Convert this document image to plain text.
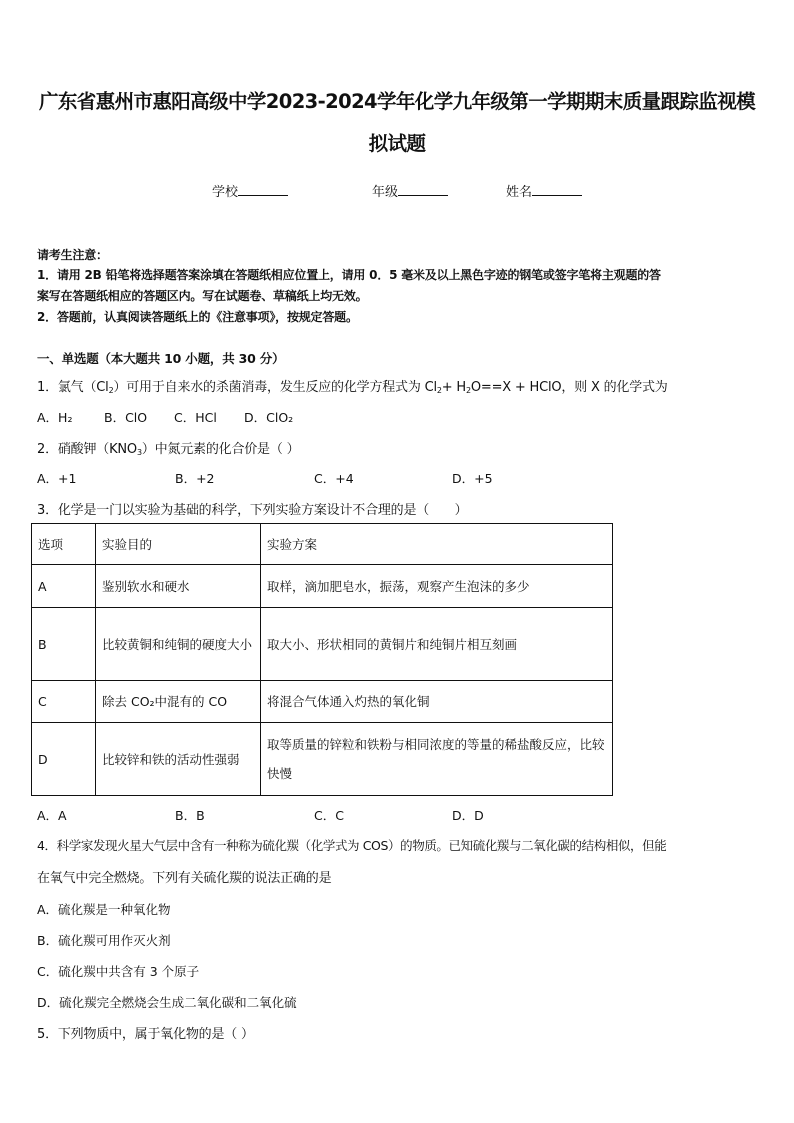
广东省惠州市惠阳高级中学2023-2024学年化学九年级第一学期期末质量跟踪监视模
拟试题
学校	年级	姓名
请考生注意：
1．请用 2B 铅笔将选择题答案涂填在答题纸相应位置上，请用 0．5 毫米及以上黑色字迹的钢笔或签字笔将主观题的答
案写在答题纸相应的答题区内。写在试题卷、草稿纸上均无效。
2．答题前，认真阅读答题纸上的《注意事项》，按规定答题。
一、单选题（本大题共 10 小题，共 30 分）
1．氯气$(Cl_2)$可用于自来水的杀菌消毒，发生反应的化学方程式为 $Cl_2+ H_2O==X$ + HClO，则 X 的化学式为
A．H₂	B．ClO C．HCl D．ClO₂
2．硝酸钾$(KNO_3)$中氮元素的化合价是（ ）
A．+1	B．+2	C．+4	D．+5
3．化学是一门以实验为基础的科学，下列实验方案设计不合理的是（　　）
选项	实验目的	实验方案
A	鉴别软水和硬水	取样，滴加肥皂水，振荡，观察产生泡沫的多少
B	比较黄铜和纯铜的硬度大小	取大小、形状相同的黄铜片和纯铜片相互刻画
C	除去 CO₂中混有的 CO	将混合气体通入灼热的氧化铜
D	比较锌和铁的活动性强弱	取等质量的锌粒和铁粉与相同浓度的等量的稀盐酸反应，比较快慢
A．A	B．B	C．C	D．D
4．科学家发现火星大气层中含有一种称为硫化羰（化学式为 COS）的物质。已知硫化羰与二氧化碳的结构相似，但能
在氧气中完全燃烧。下列有关硫化羰的说法正确的是
A．硫化羰是一种氧化物
B．硫化羰可用作灭火剂
C．硫化羰中共含有 3 个原子
D．硫化羰完全燃烧会生成二氧化碳和二氧化硫
5．下列物质中，属于氧化物的是（ ）
